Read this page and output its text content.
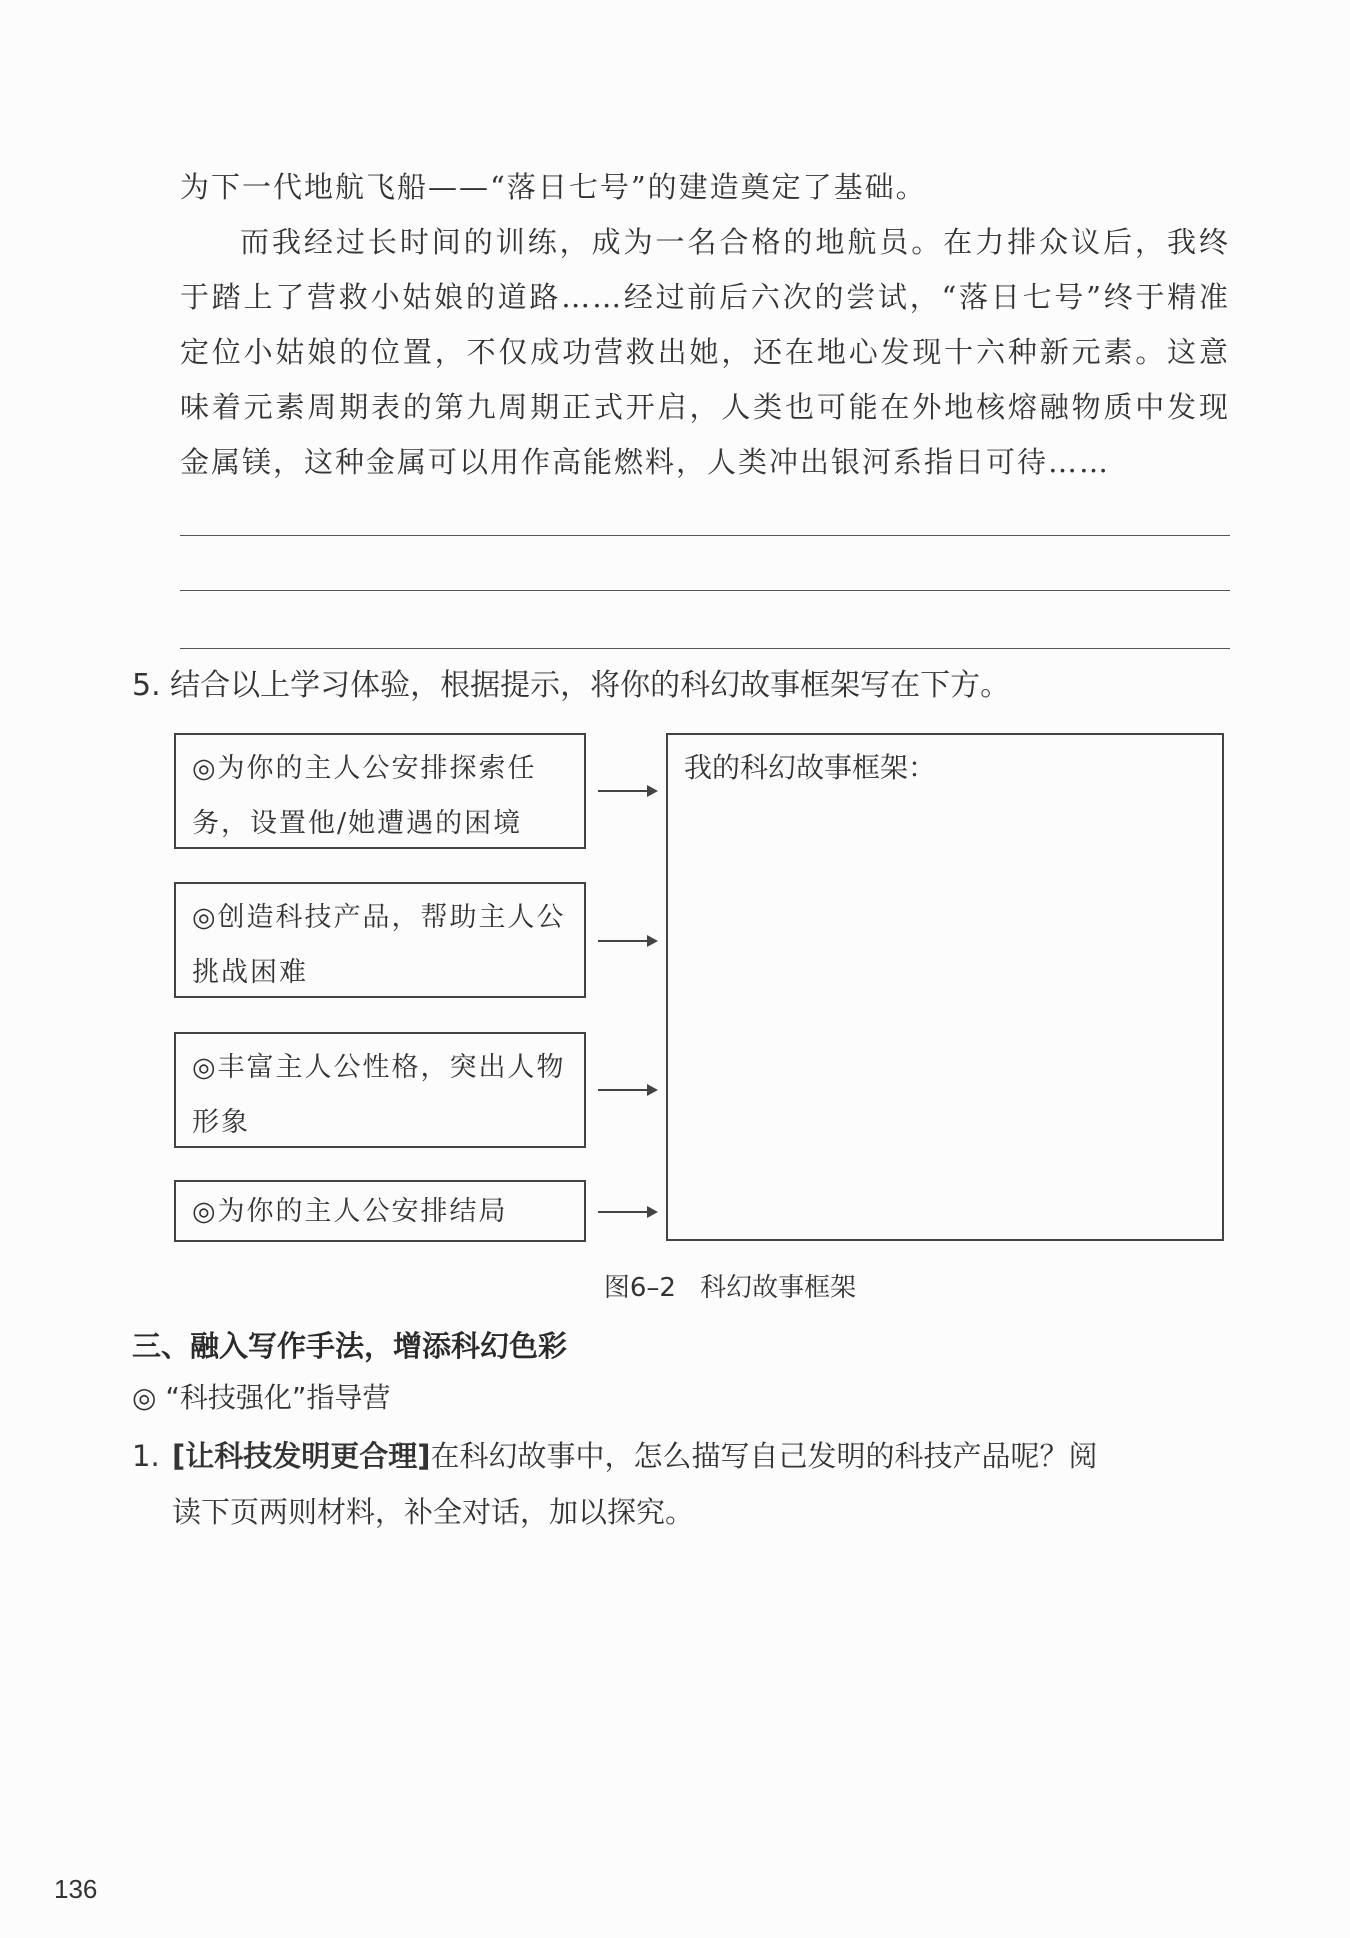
为下一代地航飞船——“落日七号”的建造奠定了基础。

而我经过长时间的训练，成为一名合格的地航员。在力排众议后，我终于踏上了营救小姑娘的道路……经过前后六次的尝试，“落日七号”终于精准定位小姑娘的位置，不仅成功营救出她，还在地心发现十六种新元素。这意味着元素周期表的第九周期正式开启，人类也可能在外地核熔融物质中发现金属镁，这种金属可以用作高能燃料，人类冲出银河系指日可待……

5. 结合以上学习体验，根据提示，将你的科幻故事框架写在下方。
◎为你的主人公安排探索任务，设置他/她遭遇的困境
◎创造科技产品，帮助主人公挑战困难
◎丰富主人公性格，突出人物形象
◎为你的主人公安排结局
我的科幻故事框架：
图6–2 科幻故事框架
三、融入写作手法，增添科幻色彩
◎ “科技强化”指导营
1. [让科技发明更合理]在科幻故事中，怎么描写自己发明的科技产品呢？阅
读下页两则材料，补全对话，加以探究。
136
